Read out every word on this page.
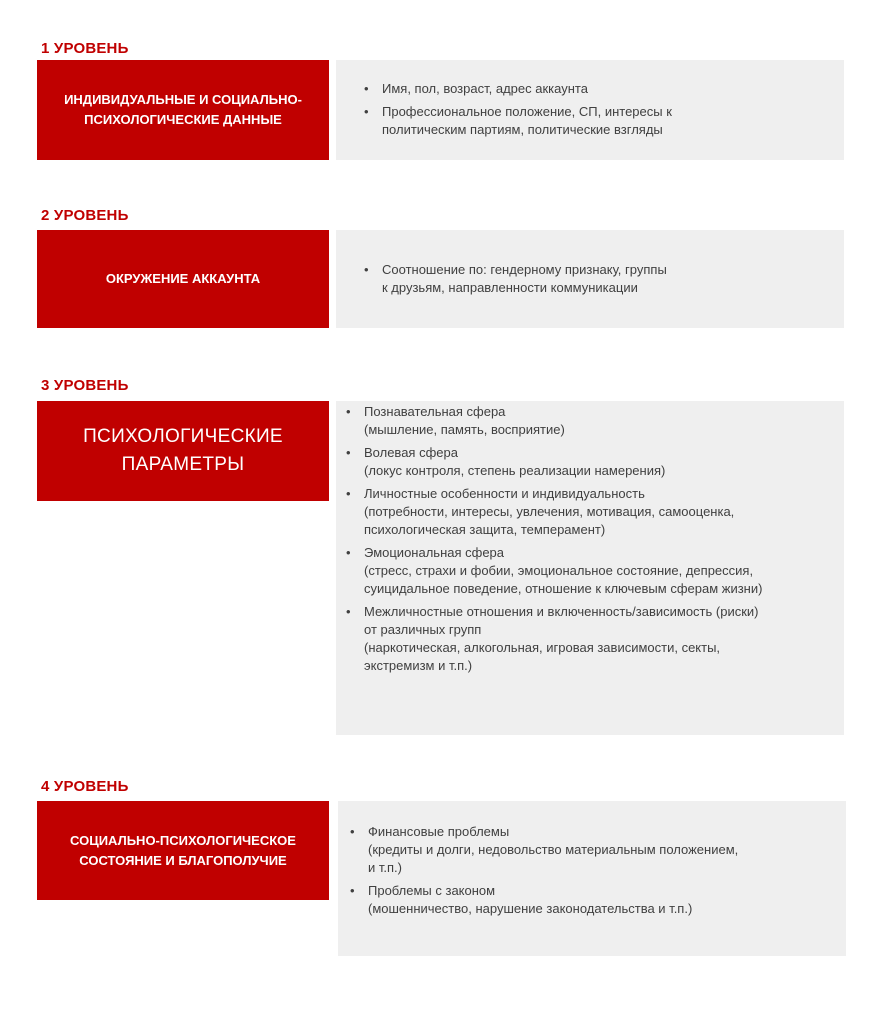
1 УРОВЕНЬ
ИНДИВИДУАЛЬНЫЕ И СОЦИАЛЬНО-
ПСИХОЛОГИЧЕСКИЕ ДАННЫЕ
• Имя, пол, возраст, адрес аккаунта
• Профессиональное положение, СП, интересы к политическим партиям, политические взгляды
2 УРОВЕНЬ
ОКРУЖЕНИЕ АККАУНТА
• Соотношение по: гендерному признаку, группы
к друзьям, направленности коммуникации
3 УРОВЕНЬ
ПСИХОЛОГИЧЕСКИЕ
ПАРАМЕТРЫ
• Познавательная сфера
(мышление, память, восприятие)
• Волевая сфера
(локус контроля, степень реализации намерения)
• Личностные особенности и индивидуальность
(потребности, интересы, увлечения, мотивация, самооценка,
психологическая защита, темперамент)
• Эмоциональная сфера
(стресс, страхи и фобии, эмоциональное состояние, депрессия,
суицидальное поведение, отношение к ключевым сферам жизни)
• Межличностные отношения и включенность/зависимость (риски)
от различных групп
(наркотическая, алкогольная, игровая зависимости, секты,
экстремизм и т.п.)
4 УРОВЕНЬ
СОЦИАЛЬНО-ПСИХОЛОГИЧЕСКОЕ
СОСТОЯНИЕ И БЛАГОПОЛУЧИЕ
• Финансовые проблемы
(кредиты и долги, недовольство материальным положением,
и т.п.)
• Проблемы с законом
(мошенничество, нарушение законодательства и т.п.)
